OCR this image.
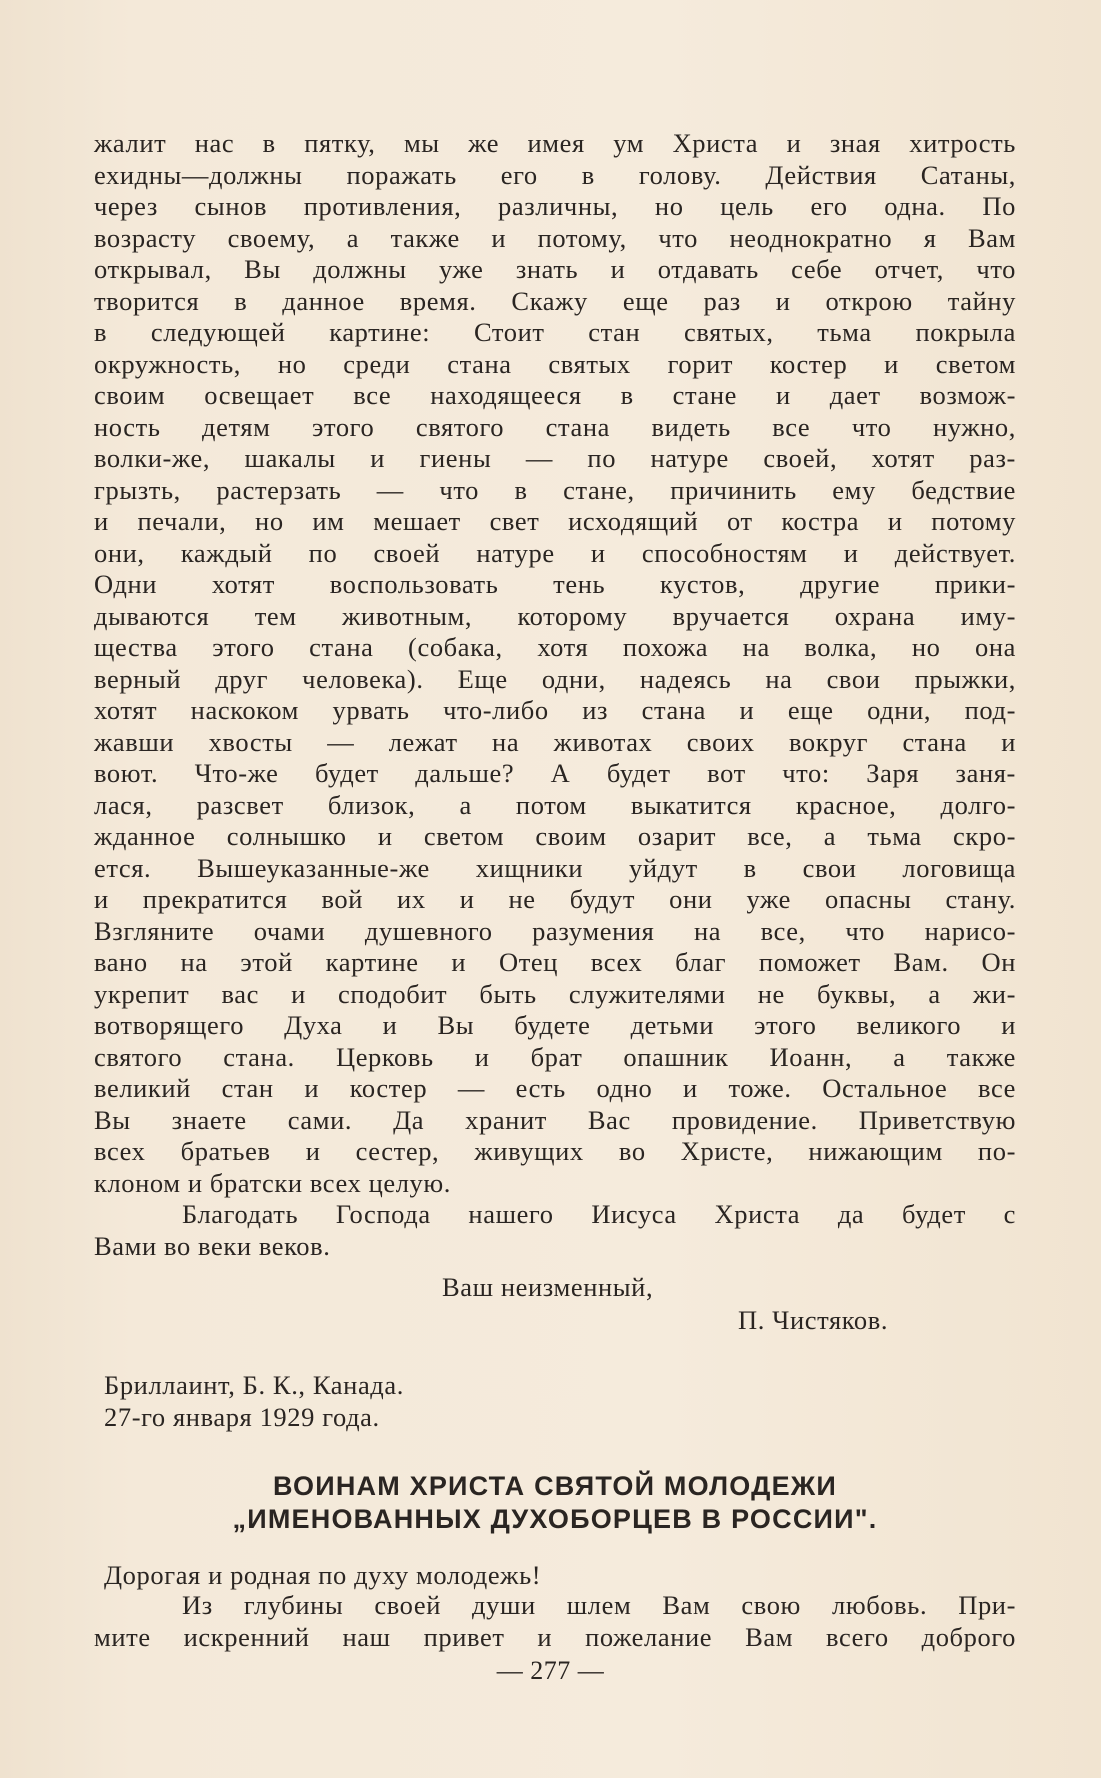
жалит нас в пятку, мы же имея ум Христа и зная хитрость
ехидны—должны поражать его в голову. Действия Сатаны,
через сынов противления, различны, но цель его одна. По
возрасту своему, а также и потому, что неоднократно я Вам
открывал, Вы должны уже знать и отдавать себе отчет, что
творится в данное время. Скажу еще раз и открою тайну
в следующей картине: Стоит стан святых, тьма покрыла
окружность, но среди стана святых горит костер и светом
своим освещает все находящееся в стане и дает возмож-
ность детям этого святого стана видеть все что нужно,
волки-же, шакалы и гиены — по натуре своей, хотят раз-
грызть, растерзать — что в стане, причинить ему бедствие
и печали, но им мешает свет исходящий от костра и потому
они, каждый по своей натуре и способностям и действует.
Одни хотят воспользовать тень кустов, другие прики-
дываются тем животным, которому вручается охрана иму-
щества этого стана (собака, хотя похожа на волка, но она
верный друг человека). Еще одни, надеясь на свои прыжки,
хотят наскоком урвать что-либо из стана и еще одни, под-
жавши хвосты — лежат на животах своих вокруг стана и
воют. Что-же будет дальше? А будет вот что: Заря заня-
лася, разсвет близок, а потом выкатится красное, долго-
жданное солнышко и светом своим озарит все, а тьма скро-
ется. Вышеуказанные-же хищники уйдут в свои логовища
и прекратится вой их и не будут они уже опасны стану.
Взгляните очами душевного разумения на все, что нарисо-
вано на этой картине и Отец всех благ поможет Вам. Он
укрепит вас и сподобит быть служителями не буквы, а жи-
вотворящего Духа и Вы будете детьми этого великого и
святого стана. Церковь и брат опашник Иоанн, а также
великий стан и костер — есть одно и тоже. Остальное все
Вы знаете сами. Да хранит Вас провидение. Приветствую
всех братьев и сестер, живущих во Христе, нижающим по-
клоном и братски всех целую.
Благодать Господа нашего Иисуса Христа да будет с
Вами во веки веков.
Ваш неизменный,
П. Чистяков.
Бриллаинт, Б. К., Канада.
27-го января 1929 года.
ВОИНАМ ХРИСТА СВЯТОЙ МОЛОДЕЖИ
„ИМЕНОВАННЫХ ДУХОБОРЦЕВ В РОССИИ".
Дорогая и родная по духу молодежь!
Из глубины своей души шлем Вам свою любовь. При-
мите искренний наш привет и пожелание Вам всего доброго
— 277 —
